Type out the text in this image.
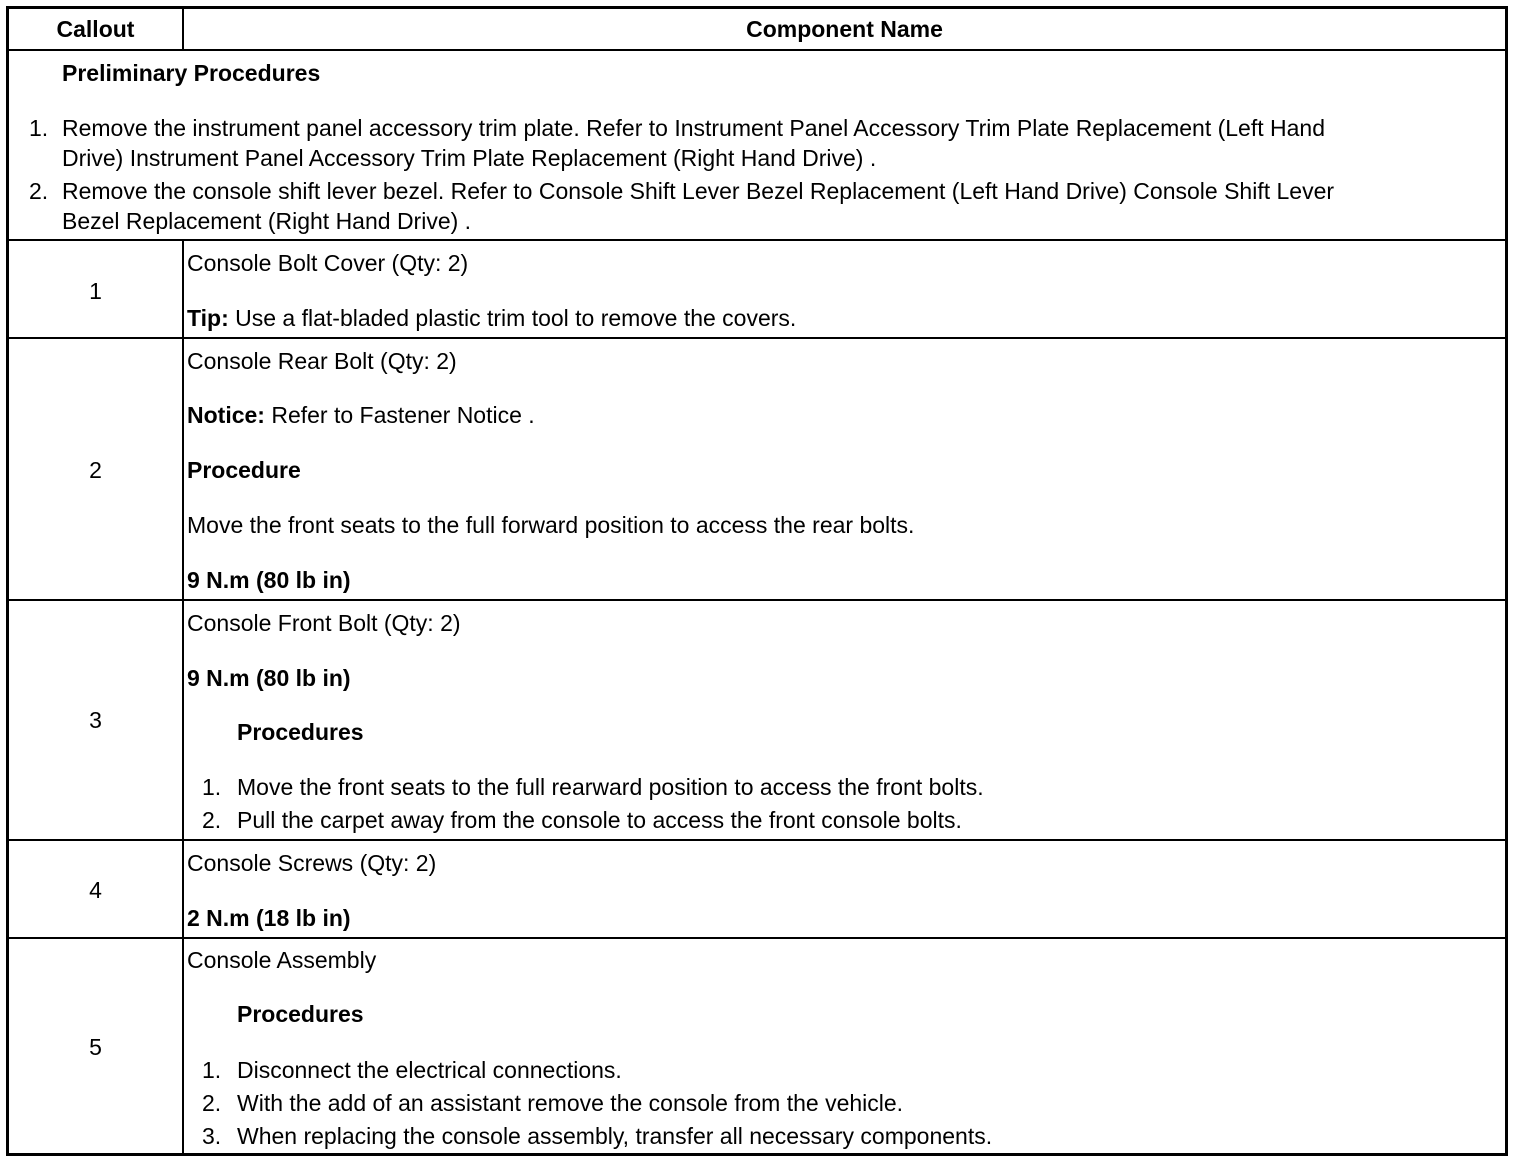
Callout	Component Name
Preliminary Procedures
1. Remove the instrument panel accessory trim plate. Refer to Instrument Panel Accessory Trim Plate Replacement (Left Hand
Drive) Instrument Panel Accessory Trim Plate Replacement (Right Hand Drive) .
2. Remove the console shift lever bezel. Refer to Console Shift Lever Bezel Replacement (Left Hand Drive) Console Shift Lever
Bezel Replacement (Right Hand Drive) .
1
Console Bolt Cover (Qty: 2)
Tip: Use a flat-bladed plastic trim tool to remove the covers.
2
Console Rear Bolt (Qty: 2)
Notice: Refer to Fastener Notice .
Procedure
Move the front seats to the full forward position to access the rear bolts.
9 N.m (80 lb in)
3
Console Front Bolt (Qty: 2)
9 N.m (80 lb in)
Procedures
1. Move the front seats to the full rearward position to access the front bolts.
2. Pull the carpet away from the console to access the front console bolts.
4
Console Screws (Qty: 2)
2 N.m (18 lb in)
5
Console Assembly
Procedures
1. Disconnect the electrical connections.
2. With the add of an assistant remove the console from the vehicle.
3. When replacing the console assembly, transfer all necessary components.
